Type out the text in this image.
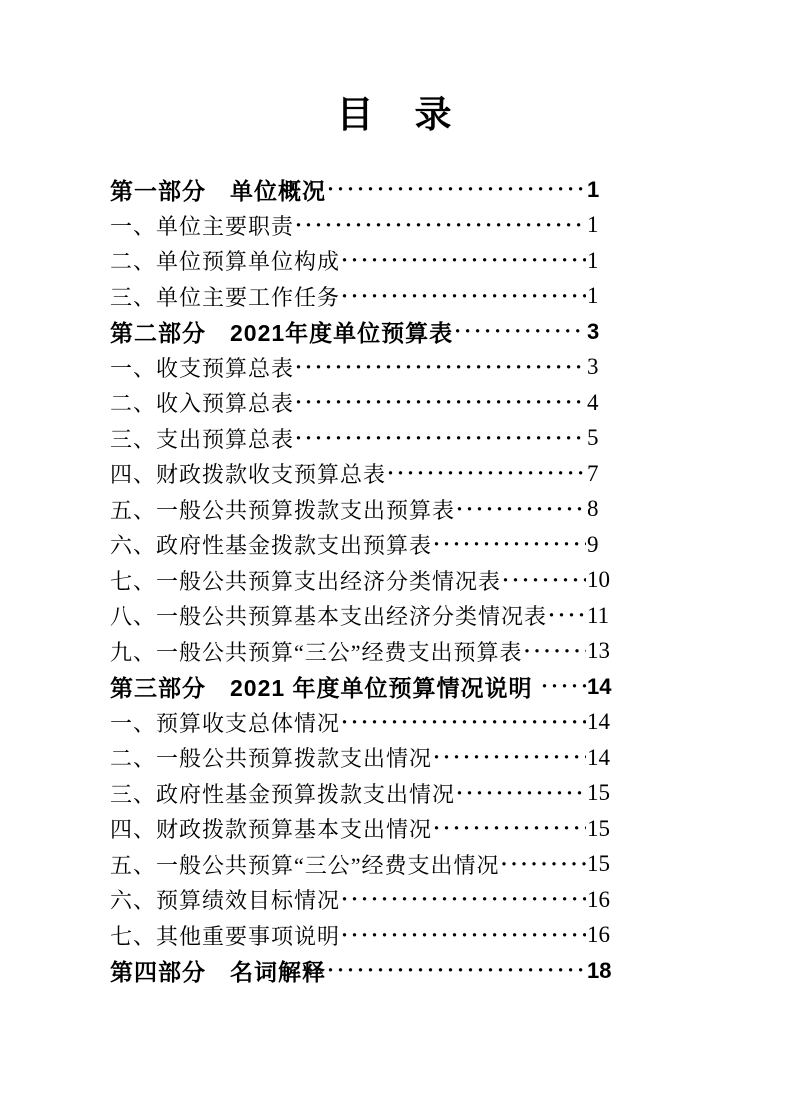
目　录
第一部分　单位概况 ·····	1
一、单位主要职责 ·····	1
二、单位预算单位构成 ·····	1
三、单位主要工作任务 ·····	1
第二部分　2021年度单位预算表 ·····	3
一、收支预算总表 ·····	3
二、收入预算总表 ·····	4
三、支出预算总表 ·····	5
四、财政拨款收支预算总表 ·····	7
五、一般公共预算拨款支出预算表 ·····	8
六、政府性基金拨款支出预算表 ·····	9
七、一般公共预算支出经济分类情况表 ·····	10
八、一般公共预算基本支出经济分类情况表 ····· 11
九、一般公共预算“三公”经费支出预算表 ·····	13
第三部分　2021 年度单位预算情况说明 ····· 14
一、预算收支总体情况 ·····	14
二、一般公共预算拨款支出情况 ·····	14
三、政府性基金预算拨款支出情况 ·····	15
四、财政拨款预算基本支出情况 ·····	15
五、一般公共预算“三公”经费支出情况 ·····	15
六、预算绩效目标情况 ·····	16
七、其他重要事项说明 ·····	16
第四部分　名词解释 ·····	18
